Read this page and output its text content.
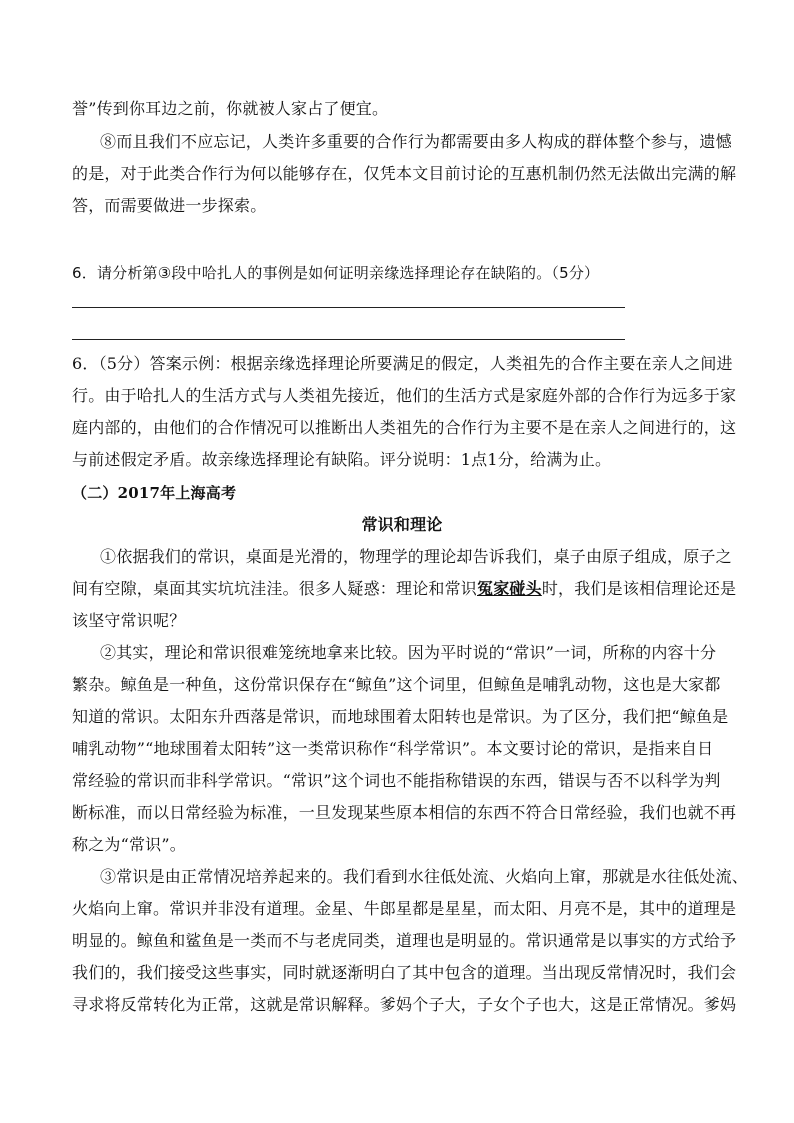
誉”传到你耳边之前，你就被人家占了便宜。
⑧而且我们不应忘记，人类许多重要的合作行为都需要由多人构成的群体整个参与，遗憾
的是，对于此类合作行为何以能够存在，仅凭本文目前讨论的互惠机制仍然无法做出完满的解
答，而需要做进一步探索。
6．请分析第③段中哈扎人的事例是如何证明亲缘选择理论存在缺陷的。（5分）
6．（5分）答案示例：根据亲缘选择理论所要满足的假定，人类祖先的合作主要在亲人之间进
行。由于哈扎人的生活方式与人类祖先接近，他们的生活方式是家庭外部的合作行为远多于家
庭内部的，由他们的合作情况可以推断出人类祖先的合作行为主要不是在亲人之间进行的，这
与前述假定矛盾。故亲缘选择理论有缺陷。评分说明：1点1分，给满为止。
（二）2017年上海高考
常识和理论
①依据我们的常识，桌面是光滑的，物理学的理论却告诉我们，桌子由原子组成，原子之
间有空隙，桌面其实坑坑洼洼。很多人疑惑：理论和常识冤家碰头时，我们是该相信理论还是
该坚守常识呢？
②其实，理论和常识很难笼统地拿来比较。因为平时说的“常识”一词，所称的内容十分
繁杂。鲸鱼是一种鱼，这份常识保存在“鲸鱼”这个词里，但鲸鱼是哺乳动物，这也是大家都
知道的常识。太阳东升西落是常识，而地球围着太阳转也是常识。为了区分，我们把“鲸鱼是
哺乳动物”“地球围着太阳转”这一类常识称作“科学常识”。本文要讨论的常识，是指来自日
常经验的常识而非科学常识。“常识”这个词也不能指称错误的东西，错误与否不以科学为判
断标准，而以日常经验为标准，一旦发现某些原本相信的东西不符合日常经验，我们也就不再
称之为“常识”。
③常识是由正常情况培养起来的。我们看到水往低处流、火焰向上窜，那就是水往低处流、
火焰向上窜。常识并非没有道理。金星、牛郎星都是星星，而太阳、月亮不是，其中的道理是
明显的。鲸鱼和鲨鱼是一类而不与老虎同类，道理也是明显的。常识通常是以事实的方式给予
我们的，我们接受这些事实，同时就逐渐明白了其中包含的道理。当出现反常情况时，我们会
寻求将反常转化为正常，这就是常识解释。爹妈个子大，子女个子也大，这是正常情况。爹妈
